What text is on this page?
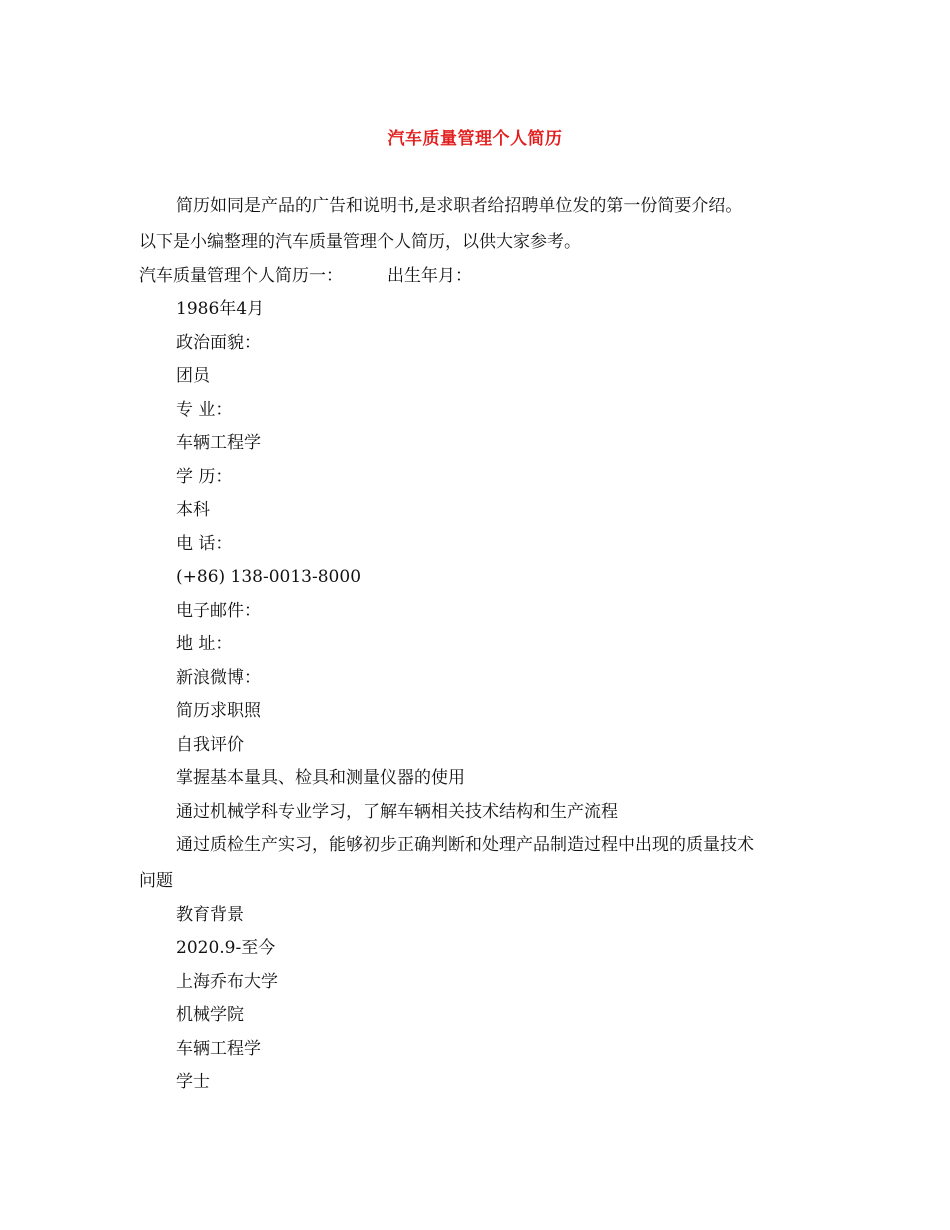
汽车质量管理个人简历
简历如同是产品的广告和说明书,是求职者给招聘单位发的第一份简要介绍。
以下是小编整理的汽车质量管理个人简历，以供大家参考。
汽车质量管理个人简历一：	出生年月：
1986年4月
政治面貌：
团员
专 业：
车辆工程学
学 历：
本科
电 话：
(+86) 138-0013-8000
电子邮件：
地 址：
新浪微博：
简历求职照
自我评价
掌握基本量具、检具和测量仪器的使用
通过机械学科专业学习，了解车辆相关技术结构和生产流程
通过质检生产实习，能够初步正确判断和处理产品制造过程中出现的质量技术
问题
教育背景
2020.9-至今
上海乔布大学
机械学院
车辆工程学
学士
